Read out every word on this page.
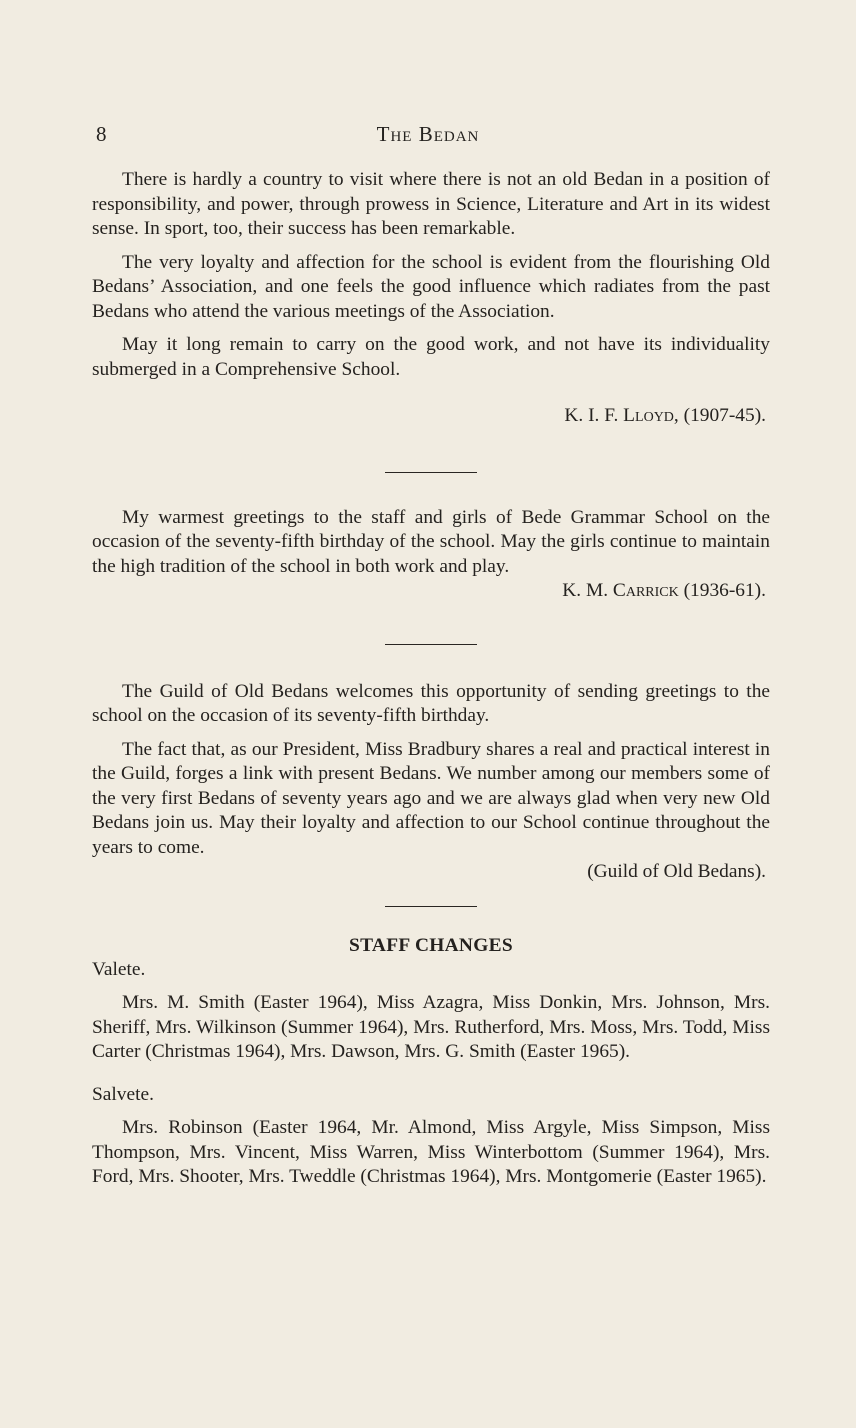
8	The Bedan

There is hardly a country to visit where there is not an old Bedan in a position of responsibility, and power, through prowess in Science, Literature and Art in its widest sense. In sport, too, their success has been remarkable.

The very loyalty and affection for the school is evident from the flourishing Old Bedans’ Association, and one feels the good influence which radiates from the past Bedans who attend the various meetings of the Association.

May it long remain to carry on the good work, and not have its individuality submerged in a Comprehensive School.

K. I. F. Lloyd, (1907-45).

My warmest greetings to the staff and girls of Bede Grammar School on the occasion of the seventy-fifth birthday of the school. May the girls continue to maintain the high tradition of the school in both work and play.

K. M. Carrick (1936-61).

The Guild of Old Bedans welcomes this opportunity of sending greetings to the school on the occasion of its seventy-fifth birthday.

The fact that, as our President, Miss Bradbury shares a real and practical interest in the Guild, forges a link with present Bedans. We number among our members some of the very first Bedans of seventy years ago and we are always glad when very new Old Bedans join us. May their loyalty and affection to our School continue throughout the years to come.

(Guild of Old Bedans).
STAFF CHANGES
Valete.

Mrs. M. Smith (Easter 1964), Miss Azagra, Miss Donkin, Mrs. Johnson, Mrs. Sheriff, Mrs. Wilkinson (Summer 1964), Mrs. Rutherford, Mrs. Moss, Mrs. Todd, Miss Carter (Christmas 1964), Mrs. Dawson, Mrs. G. Smith (Easter 1965).

Salvete.

Mrs. Robinson (Easter 1964, Mr. Almond, Miss Argyle, Miss Simpson, Miss Thompson, Mrs. Vincent, Miss Warren, Miss Winterbottom (Summer 1964), Mrs. Ford, Mrs. Shooter, Mrs. Tweddle (Christmas 1964), Mrs. Montgomerie (Easter 1965).
